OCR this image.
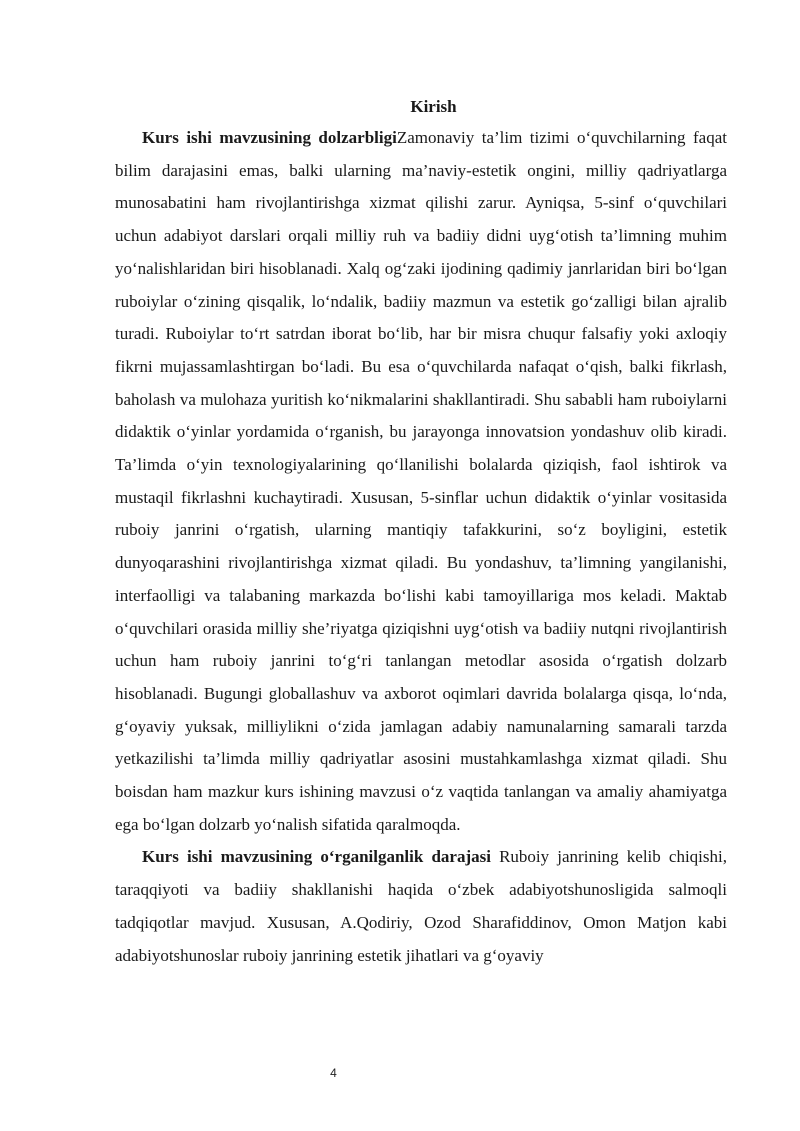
Kirish

Kurs ishi mavzusining dolzarbligiZamonaviy ta’lim tizimi o‘quvchilarning faqat bilim darajasini emas, balki ularning ma’naviy-estetik ongini, milliy qadriyatlarga munosabatini ham rivojlantirishga xizmat qilishi zarur. Ayniqsa, 5-sinf o‘quvchilari uchun adabiyot darslari orqali milliy ruh va badiiy didni uyg‘otish ta’limning muhim yo‘nalishlaridan biri hisoblanadi. Xalq og‘zaki ijodining qadimiy janrlaridan biri bo‘lgan ruboiylar o‘zining qisqalik, lo‘ndalik, badiiy mazmun va estetik go‘zalligi bilan ajralib turadi. Ruboiylar to‘rt satrdan iborat bo‘lib, har bir misra chuqur falsafiy yoki axloqiy fikrni mujassamlashtirgan bo‘ladi. Bu esa o‘quvchilarda nafaqat o‘qish, balki fikrlash, baholash va mulohaza yuritish ko‘nikmalarini shakllantiradi. Shu sababli ham ruboiylarni didaktik o‘yinlar yordamida o‘rganish, bu jarayonga innovatsion yondashuv olib kiradi. Ta’limda o‘yin texnologiyalarining qo‘llanilishi bolalarda qiziqish, faol ishtirok va mustaqil fikrlashni kuchaytiradi. Xususan, 5-sinflar uchun didaktik o‘yinlar vositasida ruboiy janrini o‘rgatish, ularning mantiqiy tafakkurini, so‘z boyligini, estetik dunyoqarashini rivojlantirishga xizmat qiladi. Bu yondashuv, ta’limning yangilanishi, interfaolligi va talabaning markazda bo‘lishi kabi tamoyillariga mos keladi. Maktab o‘quvchilari orasida milliy she’riyatga qiziqishni uyg‘otish va badiiy nutqni rivojlantirish uchun ham ruboiy janrini to‘g‘ri tanlangan metodlar asosida o‘rgatish dolzarb hisoblanadi. Bugungi globallashuv va axborot oqimlari davrida bolalarga qisqa, lo‘nda, g‘oyaviy yuksak, milliylikni o‘zida jamlagan adabiy namunalarning samarali tarzda yetkazilishi ta’limda milliy qadriyatlar asosini mustahkamlashga xizmat qiladi. Shu boisdan ham mazkur kurs ishining mavzusi o‘z vaqtida tanlangan va amaliy ahamiyatga ega bo‘lgan dolzarb yo‘nalish sifatida qaralmoqda.

Kurs ishi mavzusining o‘rganilganlik darajasi Ruboiy janrining kelib chiqishi, taraqqiyoti va badiiy shakllanishi haqida o‘zbek adabiyotshunosligida salmoqli tadqiqotlar mavjud. Xususan, A.Qodiriy, Ozod Sharafiddinov, Omon Matjon kabi adabiyotshunoslar ruboiy janrining estetik jihatlari va g‘oyaviy

4
